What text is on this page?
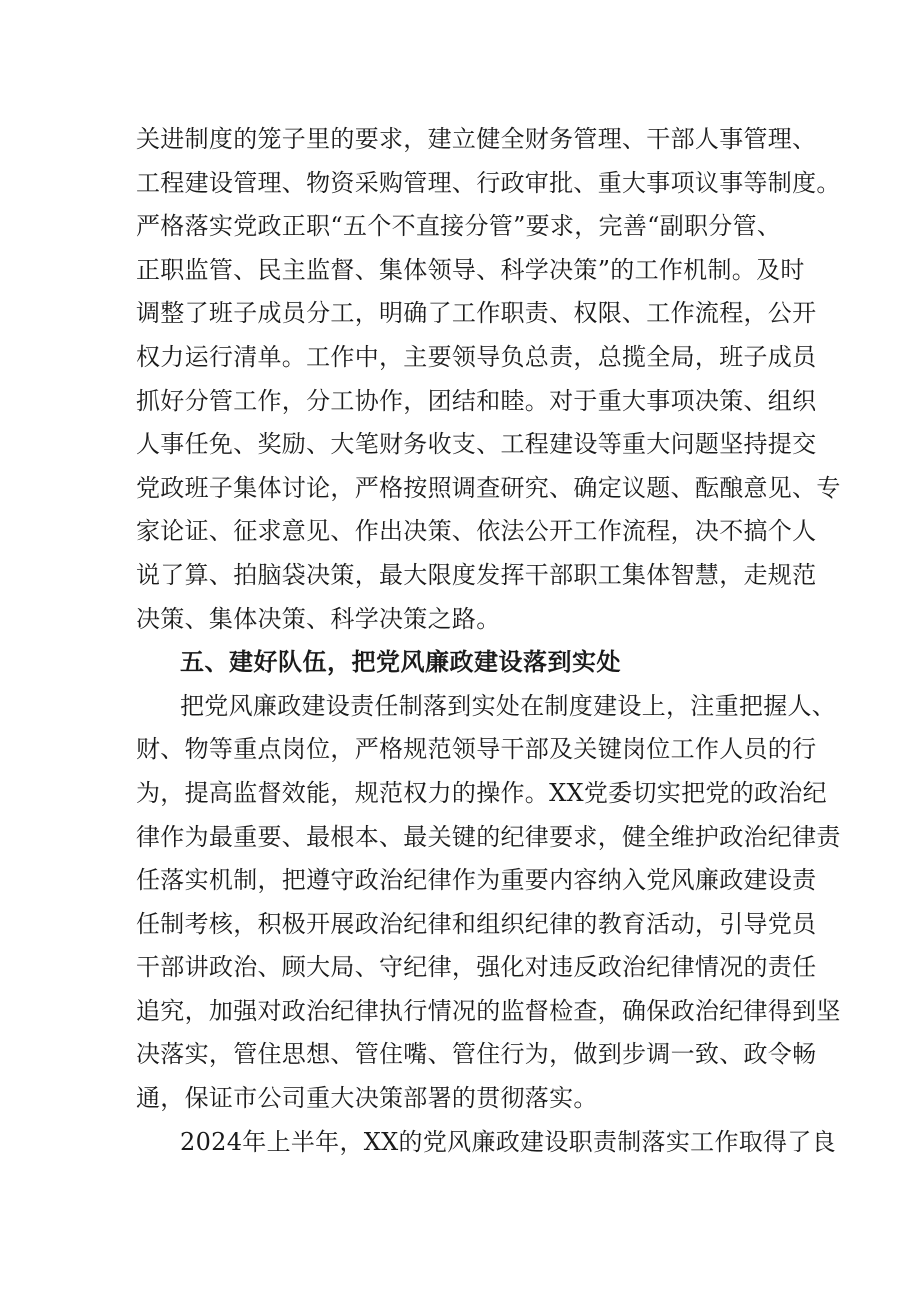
关进制度的笼子里的要求，建立健全财务管理、干部人事管理、
工程建设管理、物资采购管理、行政审批、重大事项议事等制度。
严格落实党政正职“五个不直接分管”要求，完善“副职分管、
正职监管、民主监督、集体领导、科学决策”的工作机制。及时
调整了班子成员分工，明确了工作职责、权限、工作流程，公开
权力运行清单。工作中，主要领导负总责，总揽全局，班子成员
抓好分管工作，分工协作，团结和睦。对于重大事项决策、组织
人事任免、奖励、大笔财务收支、工程建设等重大问题坚持提交
党政班子集体讨论，严格按照调查研究、确定议题、酝酿意见、专
家论证、征求意见、作出决策、依法公开工作流程，决不搞个人
说了算、拍脑袋决策，最大限度发挥干部职工集体智慧，走规范
决策、集体决策、科学决策之路。
五、建好队伍，把党风廉政建设落到实处
把党风廉政建设责任制落到实处在制度建设上，注重把握人、
财、物等重点岗位，严格规范领导干部及关键岗位工作人员的行
为，提高监督效能，规范权力的操作。XX党委切实把党的政治纪
律作为最重要、最根本、最关键的纪律要求，健全维护政治纪律责
任落实机制，把遵守政治纪律作为重要内容纳入党风廉政建设责
任制考核，积极开展政治纪律和组织纪律的教育活动，引导党员
干部讲政治、顾大局、守纪律，强化对违反政治纪律情况的责任
追究，加强对政治纪律执行情况的监督检查，确保政治纪律得到坚
决落实，管住思想、管住嘴、管住行为，做到步调一致、政令畅
通，保证市公司重大决策部署的贯彻落实。
2024年上半年，XX的党风廉政建设职责制落实工作取得了良
